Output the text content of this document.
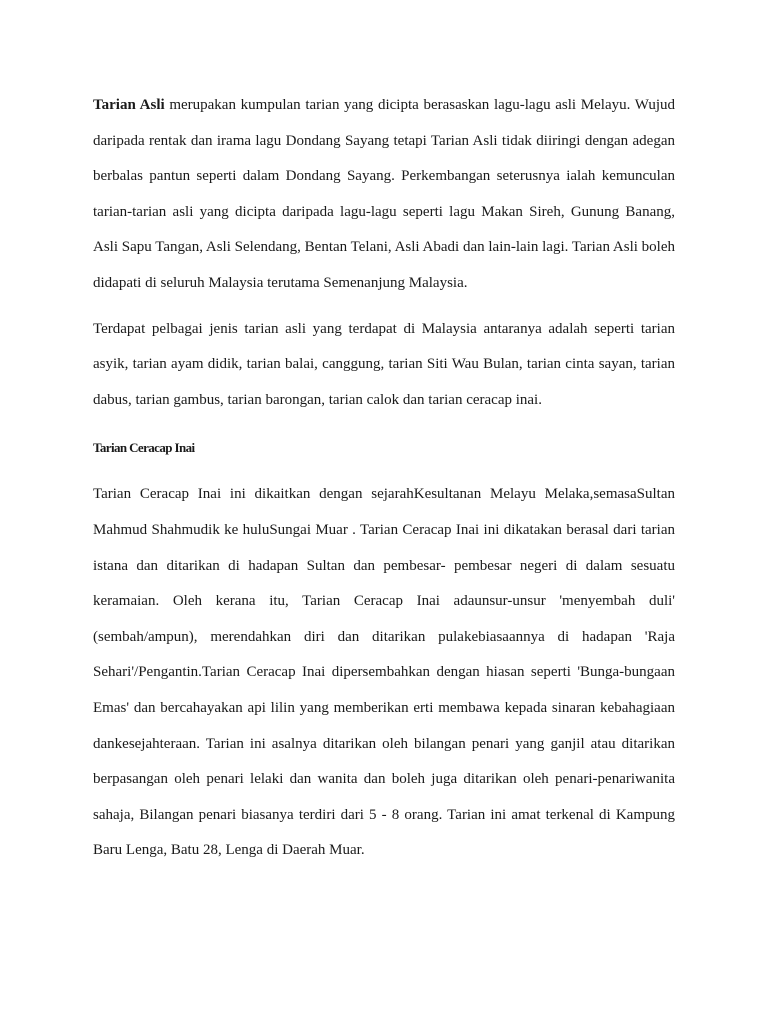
Tarian Asli merupakan kumpulan tarian yang dicipta berasaskan lagu-lagu asli Melayu. Wujud daripada rentak dan irama lagu Dondang Sayang tetapi Tarian Asli tidak diiringi dengan adegan berbalas pantun seperti dalam Dondang Sayang. Perkembangan seterusnya ialah kemunculan tarian-tarian asli yang dicipta daripada lagu-lagu seperti lagu Makan Sireh, Gunung Banang, Asli Sapu Tangan, Asli Selendang, Bentan Telani, Asli Abadi dan lain-lain lagi. Tarian Asli boleh didapati di seluruh Malaysia terutama Semenanjung Malaysia.

Terdapat pelbagai jenis tarian asli yang terdapat di Malaysia antaranya adalah seperti tarian asyik, tarian ayam didik, tarian balai, canggung, tarian Siti Wau Bulan, tarian cinta sayan, tarian dabus, tarian gambus, tarian barongan, tarian calok dan tarian ceracap inai.

Tarian Ceracap Inai

Tarian Ceracap Inai ini dikaitkan dengan sejarahKesultanan Melayu Melaka,semasaSultan Mahmud Shahmudik ke huluSungai Muar . Tarian Ceracap Inai ini dikatakan berasal dari tarian istana dan ditarikan di hadapan Sultan dan pembesar- pembesar negeri di dalam sesuatu keramaian. Oleh kerana itu, Tarian Ceracap Inai adaunsur-unsur 'menyembah duli' (sembah/ampun), merendahkan diri dan ditarikan pulakebiasaannya di hadapan 'Raja Sehari'/Pengantin.Tarian Ceracap Inai dipersembahkan dengan hiasan seperti 'Bunga-bungaan Emas' dan bercahayakan api lilin yang memberikan erti membawa kepada sinaran kebahagiaan dankesejahteraan. Tarian ini asalnya ditarikan oleh bilangan penari yang ganjil atau ditarikan berpasangan oleh penari lelaki dan wanita dan boleh juga ditarikan oleh penari-penariwanita sahaja, Bilangan penari biasanya terdiri dari 5 - 8 orang. Tarian ini amat terkenal di Kampung Baru Lenga, Batu 28, Lenga di Daerah Muar.
